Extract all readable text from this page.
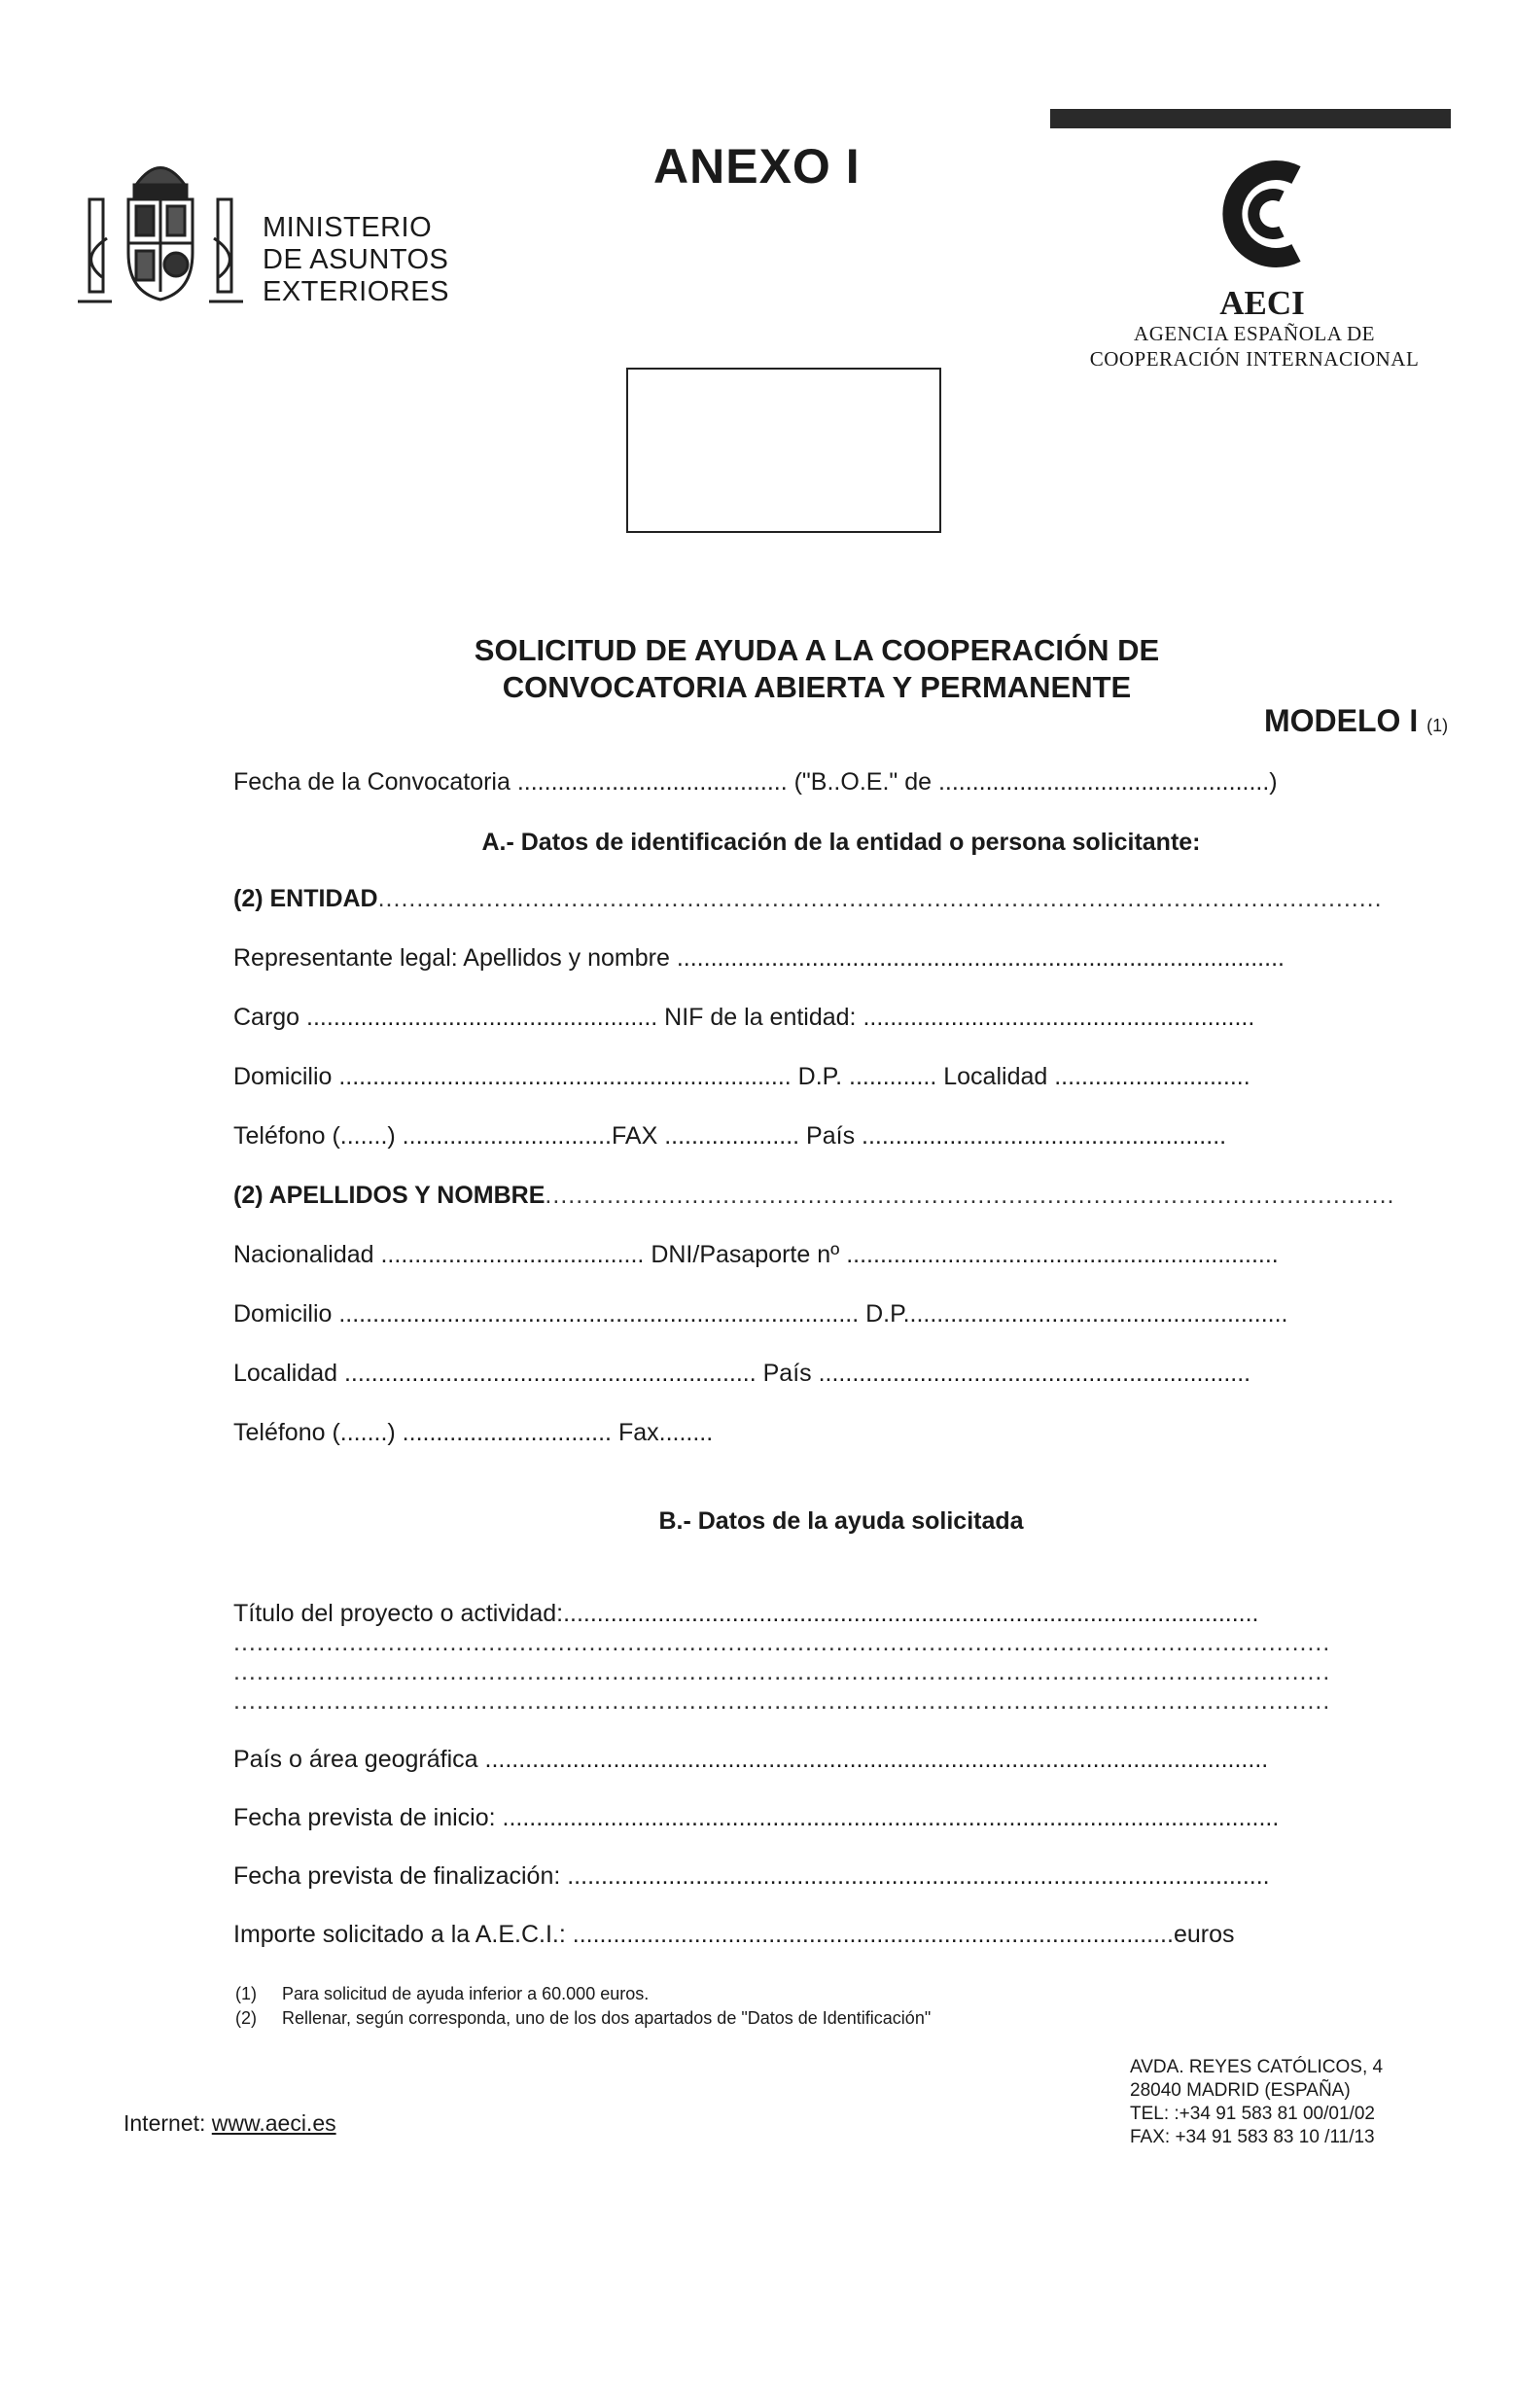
MINISTERIO
DE ASUNTOS
EXTERIORES
ANEXO I
AECI
AGENCIA ESPAÑOLA DE
COOPERACIÓN INTERNACIONAL
SOLICITUD DE AYUDA A LA COOPERACIÓN DE
CONVOCATORIA ABIERTA Y PERMANENTE
MODELO I (1)
Fecha de la Convocatoria ........................................ ("B..O.E." de .................................................)
A.- Datos de identificación de la entidad o persona solicitante:
(2) ENTIDAD..................................................................................................................................
Representante legal: Apellidos y nombre ..........................................................................................
Cargo .................................................... NIF de la entidad: ..........................................................
Domicilio ................................................................... D.P. ............. Localidad .............................
Teléfono (.......) ...............................FAX .................... País ......................................................
(2) APELLIDOS Y NOMBRE..............................................................................................................
Nacionalidad ....................................... DNI/Pasaporte nº ................................................................
Domicilio ............................................................................. D.P.........................................................
Localidad ............................................................. País ................................................................
Teléfono (.......) ............................... Fax........
B.- Datos de la ayuda solicitada
Título del proyecto o actividad:.......................................................................................................
..............................................................................................................................................
..............................................................................................................................................
..............................................................................................................................................
País o área geográfica ....................................................................................................................
Fecha prevista de inicio: ...................................................................................................................
Fecha prevista de finalización: ........................................................................................................
Importe solicitado a la A.E.C.I.: .........................................................................................euros
(1) Para solicitud de ayuda inferior a 60.000 euros.
(2) Rellenar, según corresponda, uno de los dos apartados de "Datos de Identificación"
Internet: www.aeci.es
AVDA. REYES CATÓLICOS, 4
28040 MADRID (ESPAÑA)
TEL: :+34 91 583 81 00/01/02
FAX: +34 91 583 83 10 /11/13
